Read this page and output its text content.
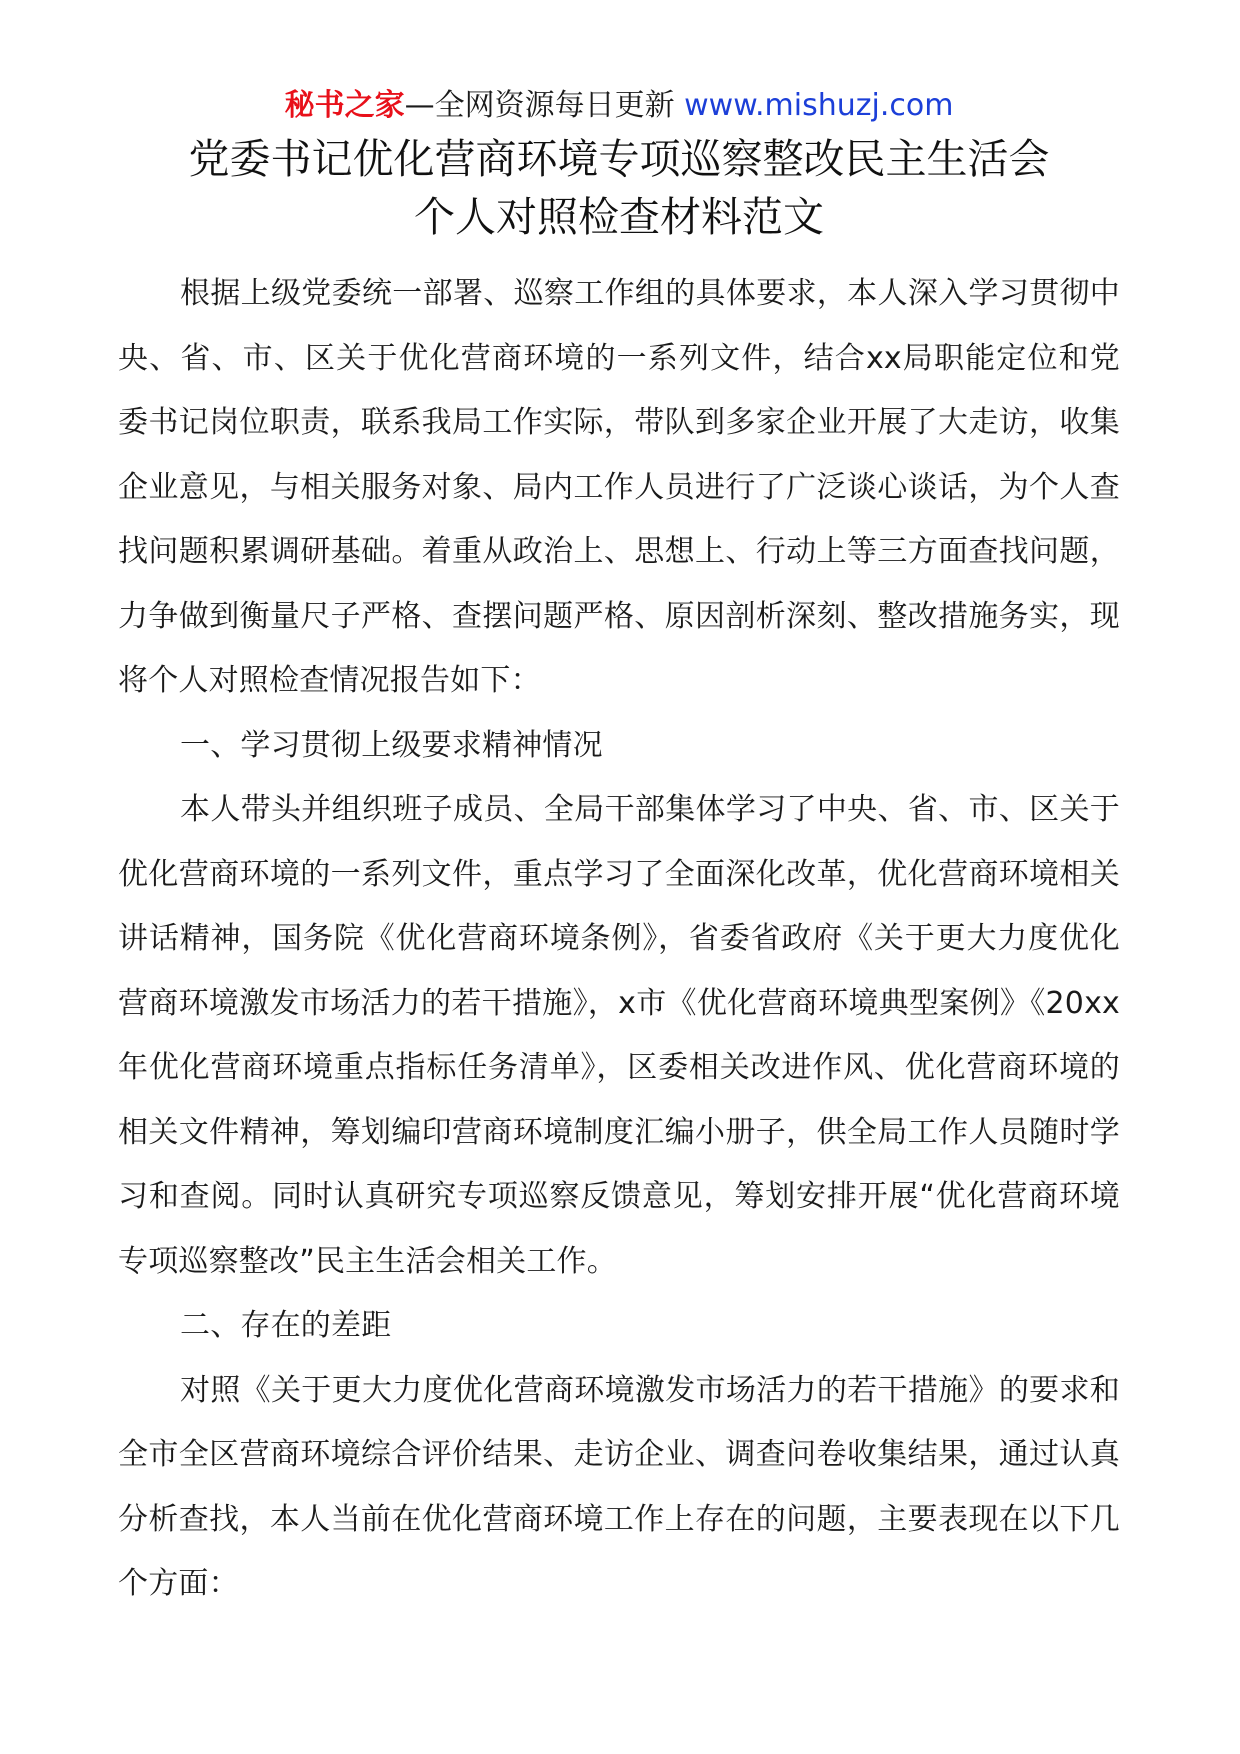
秘书之家—全网资源每日更新 www.mishuzj.com
党委书记优化营商环境专项巡察整改民主生活会
个人对照检查材料范文

根据上级党委统一部署、巡察工作组的具体要求，本人深入学习贯彻中央、省、市、区关于优化营商环境的一系列文件，结合xx局职能定位和党委书记岗位职责，联系我局工作实际，带队到多家企业开展了大走访，收集企业意见，与相关服务对象、局内工作人员进行了广泛谈心谈话，为个人查找问题积累调研基础。着重从政治上、思想上、行动上等三方面查找问题，力争做到衡量尺子严格、查摆问题严格、原因剖析深刻、整改措施务实，现将个人对照检查情况报告如下：

一、学习贯彻上级要求精神情况

本人带头并组织班子成员、全局干部集体学习了中央、省、市、区关于优化营商环境的一系列文件，重点学习了全面深化改革，优化营商环境相关讲话精神，国务院《优化营商环境条例》，省委省政府《关于更大力度优化营商环境激发市场活力的若干措施》，x市《优化营商环境典型案例》《20xx年优化营商环境重点指标任务清单》，区委相关改进作风、优化营商环境的相关文件精神，筹划编印营商环境制度汇编小册子，供全局工作人员随时学习和查阅。同时认真研究专项巡察反馈意见，筹划安排开展“优化营商环境专项巡察整改”民主生活会相关工作。

二、存在的差距

对照《关于更大力度优化营商环境激发市场活力的若干措施》的要求和全市全区营商环境综合评价结果、走访企业、调查问卷收集结果，通过认真分析查找，本人当前在优化营商环境工作上存在的问题，主要表现在以下几个方面：
